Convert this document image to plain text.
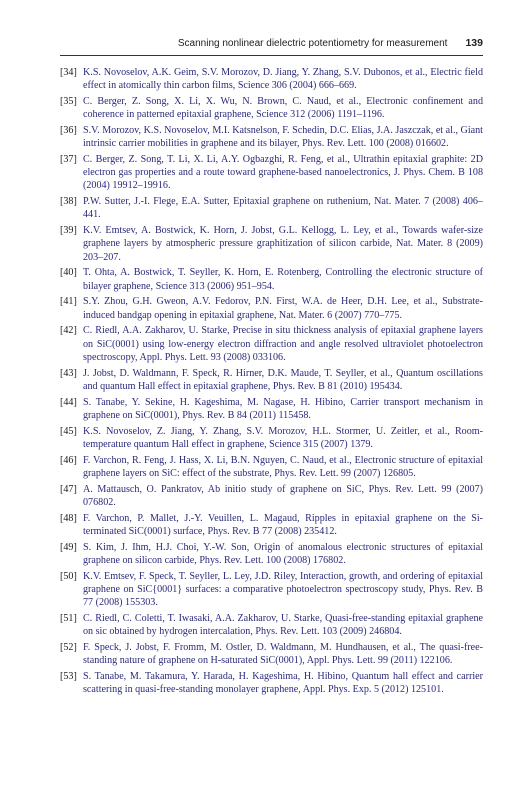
Scanning nonlinear dielectric potentiometry for measurement 139
[34] K.S. Novoselov, A.K. Geim, S.V. Morozov, D. Jiang, Y. Zhang, S.V. Dubonos, et al., Electric field effect in atomically thin carbon films, Science 306 (2004) 666–669.
[35] C. Berger, Z. Song, X. Li, X. Wu, N. Brown, C. Naud, et al., Electronic confinement and coherence in patterned epitaxial graphene, Science 312 (2006) 1191–1196.
[36] S.V. Morozov, K.S. Novoselov, M.I. Katsnelson, F. Schedin, D.C. Elias, J.A. Jaszczak, et al., Giant intrinsic carrier mobilities in graphene and its bilayer, Phys. Rev. Lett. 100 (2008) 016602.
[37] C. Berger, Z. Song, T. Li, X. Li, A.Y. Ogbazghi, R. Feng, et al., Ultrathin epitaxial graphite: 2D electron gas properties and a route toward graphene-based nanoelectronics, J. Phys. Chem. B 108 (2004) 19912–19916.
[38] P.W. Sutter, J.-I. Flege, E.A. Sutter, Epitaxial graphene on ruthenium, Nat. Mater. 7 (2008) 406–441.
[39] K.V. Emtsev, A. Bostwick, K. Horn, J. Jobst, G.L. Kellogg, L. Ley, et al., Towards wafer-size graphene layers by atmospheric pressure graphitization of silicon carbide, Nat. Mater. 8 (2009) 203–207.
[40] T. Ohta, A. Bostwick, T. Seyller, K. Horn, E. Rotenberg, Controlling the electronic structure of bilayer graphene, Science 313 (2006) 951–954.
[41] S.Y. Zhou, G.H. Gweon, A.V. Fedorov, P.N. First, W.A. de Heer, D.H. Lee, et al., Substrate-induced bandgap opening in epitaxial graphene, Nat. Mater. 6 (2007) 770–775.
[42] C. Riedl, A.A. Zakharov, U. Starke, Precise in situ thickness analysis of epitaxial graphene layers on SiC(0001) using low-energy electron diffraction and angle resolved ultraviolet photoelectron spectroscopy, Appl. Phys. Lett. 93 (2008) 033106.
[43] J. Jobst, D. Waldmann, F. Speck, R. Hirner, D.K. Maude, T. Seyller, et al., Quantum oscillations and quantum Hall effect in epitaxial graphene, Phys. Rev. B 81 (2010) 195434.
[44] S. Tanabe, Y. Sekine, H. Kageshima, M. Nagase, H. Hibino, Carrier transport mechanism in graphene on SiC(0001), Phys. Rev. B 84 (2011) 115458.
[45] K.S. Novoselov, Z. Jiang, Y. Zhang, S.V. Morozov, H.L. Stormer, U. Zeitler, et al., Room-temperature quantum Hall effect in graphene, Science 315 (2007) 1379.
[46] F. Varchon, R. Feng, J. Hass, X. Li, B.N. Nguyen, C. Naud, et al., Electronic structure of epitaxial graphene layers on SiC: effect of the substrate, Phys. Rev. Lett. 99 (2007) 126805.
[47] A. Mattausch, O. Pankratov, Ab initio study of graphene on SiC, Phys. Rev. Lett. 99 (2007) 076802.
[48] F. Varchon, P. Mallet, J.-Y. Veuillen, L. Magaud, Ripples in epitaxial graphene on the Si-terminated SiC(0001) surface, Phys. Rev. B 77 (2008) 235412.
[49] S. Kim, J. Ihm, H.J. Choi, Y.-W. Son, Origin of anomalous electronic structures of epitaxial graphene on silicon carbide, Phys. Rev. Lett. 100 (2008) 176802.
[50] K.V. Emtsev, F. Speck, T. Seyller, L. Ley, J.D. Riley, Interaction, growth, and ordering of epitaxial graphene on SiC{0001} surfaces: a comparative photoelectron spectroscopy study, Phys. Rev. B 77 (2008) 155303.
[51] C. Riedl, C. Coletti, T. Iwasaki, A.A. Zakharov, U. Starke, Quasi-free-standing epitaxial graphene on sic obtained by hydrogen intercalation, Phys. Rev. Lett. 103 (2009) 246804.
[52] F. Speck, J. Jobst, F. Fromm, M. Ostler, D. Waldmann, M. Hundhausen, et al., The quasi-free-standing nature of graphene on H-saturated SiC(0001), Appl. Phys. Lett. 99 (2011) 122106.
[53] S. Tanabe, M. Takamura, Y. Harada, H. Kageshima, H. Hibino, Quantum hall effect and carrier scattering in quasi-free-standing monolayer graphene, Appl. Phys. Exp. 5 (2012) 125101.
